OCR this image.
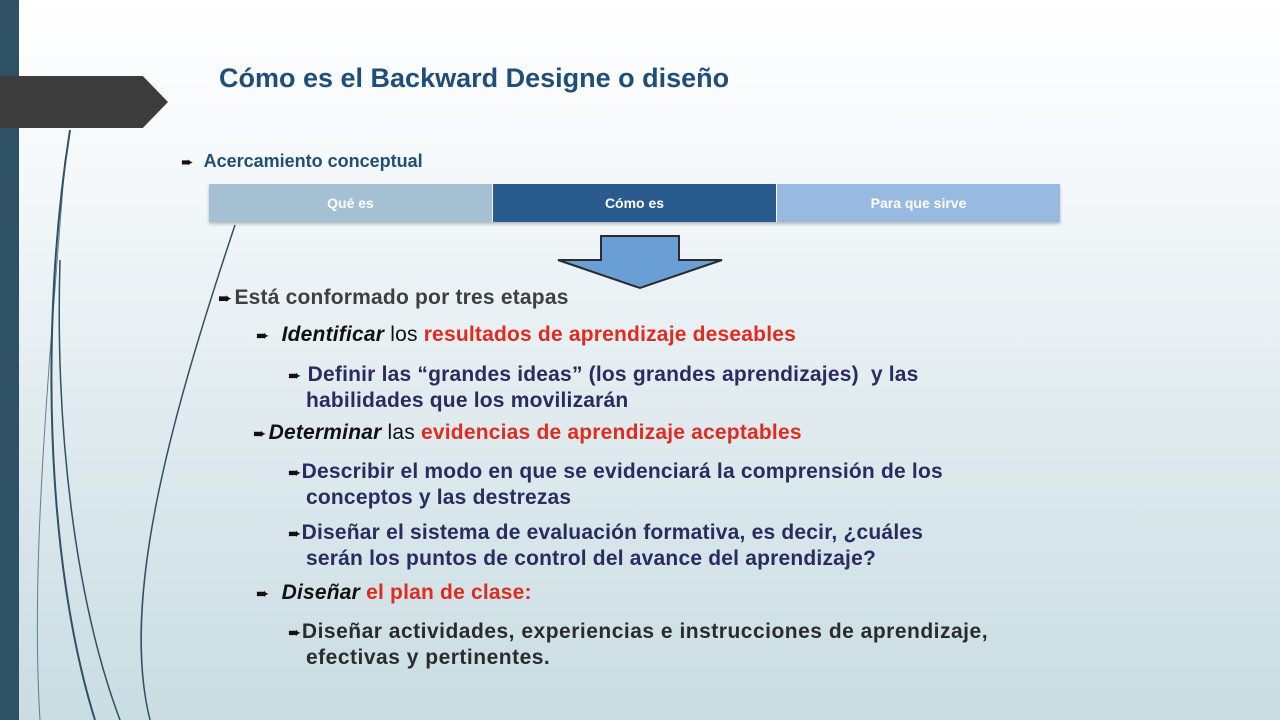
Cómo es el Backward Designe o diseño
➨ Acercamiento conceptual
Qué es	Cómo es	Para que sirve
➨Está conformado por tres etapas
➨ Identificar los resultados de aprendizaje deseables
➨ Definir las “grandes ideas” (los grandes aprendizajes)  y las
habilidades que los movilizarán
➨Determinar las evidencias de aprendizaje aceptables
➨Describir el modo en que se evidenciará la comprensión de los
conceptos y las destrezas
➨Diseñar el sistema de evaluación formativa, es decir, ¿cuáles
serán los puntos de control del avance del aprendizaje?
➨ Diseñar el plan de clase:
➨Diseñar actividades, experiencias e instrucciones de aprendizaje,
efectivas y pertinentes.
